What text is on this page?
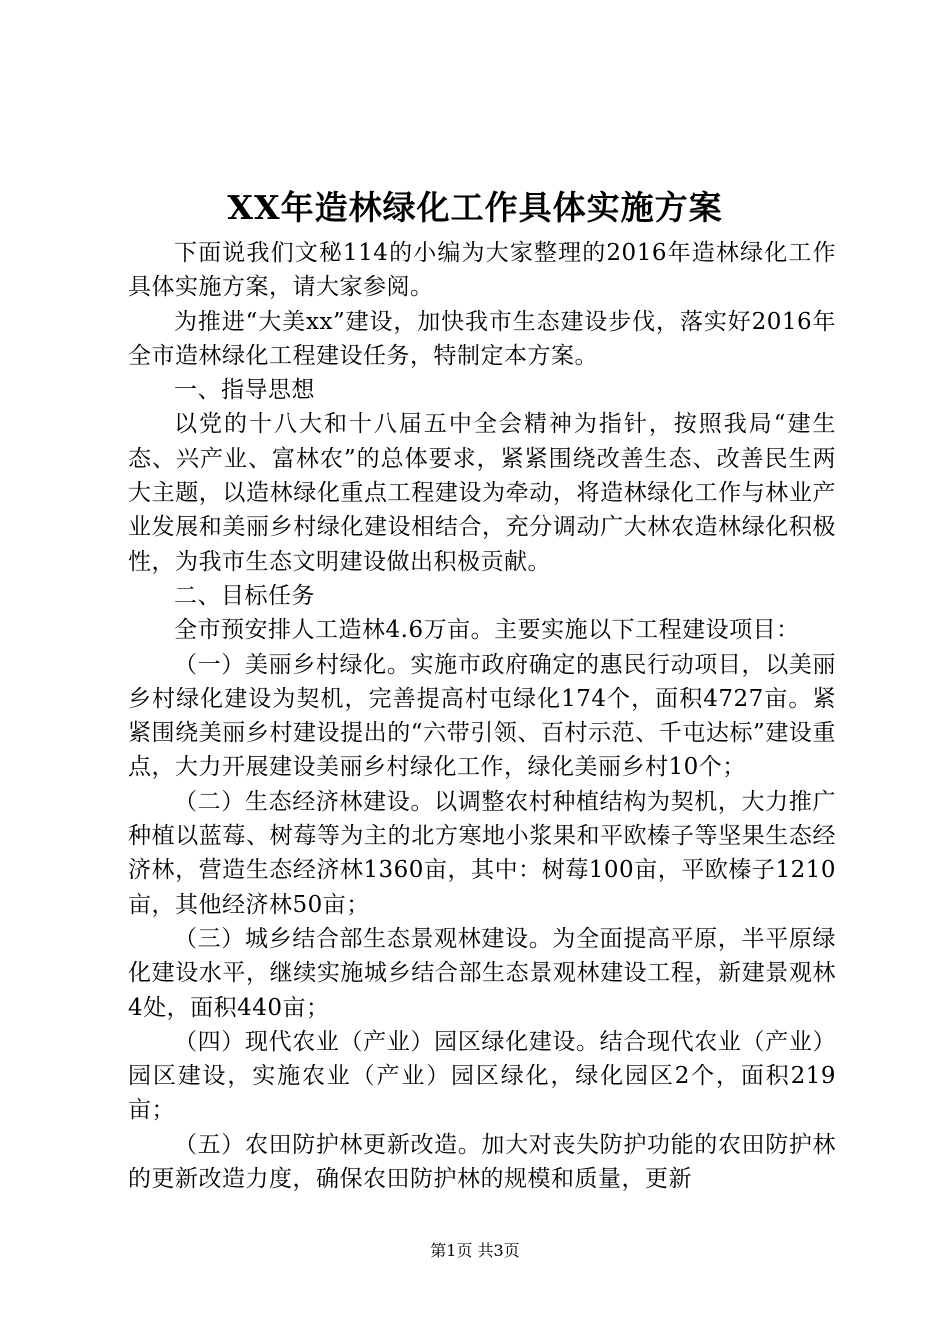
XX年造林绿化工作具体实施方案

下面说我们文秘114的小编为大家整理的2016年造林绿化工作具体实施方案，请大家参阅。

为推进“大美xx”建设，加快我市生态建设步伐，落实好2016年全市造林绿化工程建设任务，特制定本方案。

一、指导思想

以党的十八大和十八届五中全会精神为指针，按照我局“建生态、兴产业、富林农”的总体要求，紧紧围绕改善生态、改善民生两大主题，以造林绿化重点工程建设为牵动，将造林绿化工作与林业产业发展和美丽乡村绿化建设相结合，充分调动广大林农造林绿化积极性，为我市生态文明建设做出积极贡献。

二、目标任务

全市预安排人工造林4.6万亩。主要实施以下工程建设项目：

（一）美丽乡村绿化。实施市政府确定的惠民行动项目，以美丽乡村绿化建设为契机，完善提高村屯绿化174个，面积4727亩。紧紧围绕美丽乡村建设提出的“六带引领、百村示范、千屯达标”建设重点，大力开展建设美丽乡村绿化工作，绿化美丽乡村10个；

（二）生态经济林建设。以调整农村种植结构为契机，大力推广种植以蓝莓、树莓等为主的北方寒地小浆果和平欧榛子等坚果生态经济林，营造生态经济林1360亩，其中：树莓100亩，平欧榛子1210亩，其他经济林50亩；

（三）城乡结合部生态景观林建设。为全面提高平原，半平原绿化建设水平，继续实施城乡结合部生态景观林建设工程，新建景观林4处，面积440亩；

（四）现代农业（产业）园区绿化建设。结合现代农业（产业）园区建设，实施农业（产业）园区绿化，绿化园区2个，面积219亩；

（五）农田防护林更新改造。加大对丧失防护功能的农田防护林的更新改造力度，确保农田防护林的规模和质量，更新

第1页 共3页
